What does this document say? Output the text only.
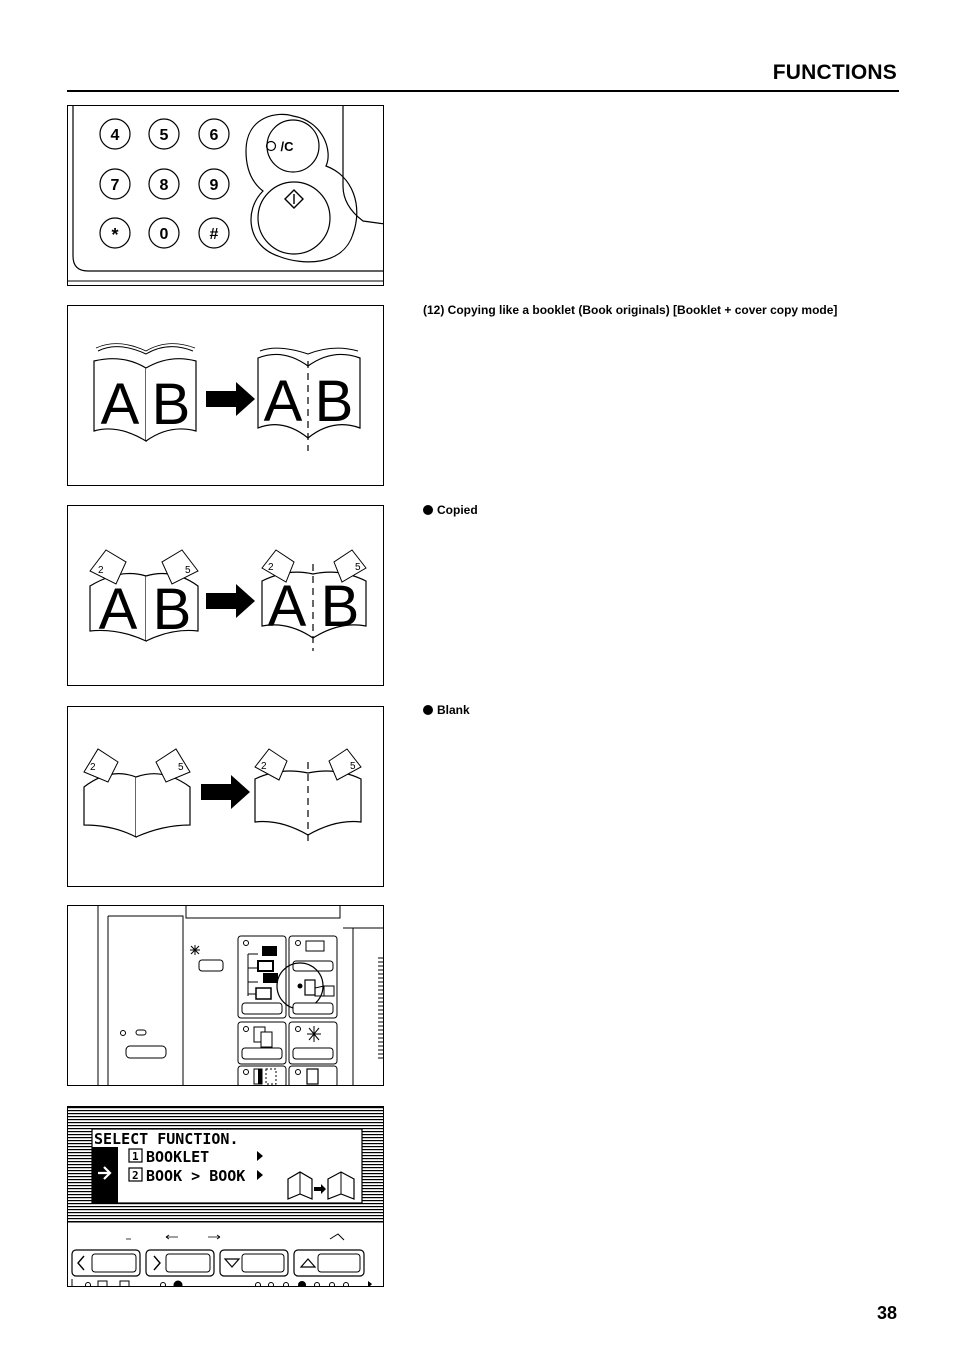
FUNCTIONS
4	5	6
7	8	9
*	0	#
/C
(12) Copying like a booklet (Book originals) [Booklet + cover copy mode]
A B A B
Copied
2	5
A B
2	5
A B
Blank
2	5	2	5
SELECT FUNCTION.
1 BOOKLET
2 BOOK > BOOK
38
